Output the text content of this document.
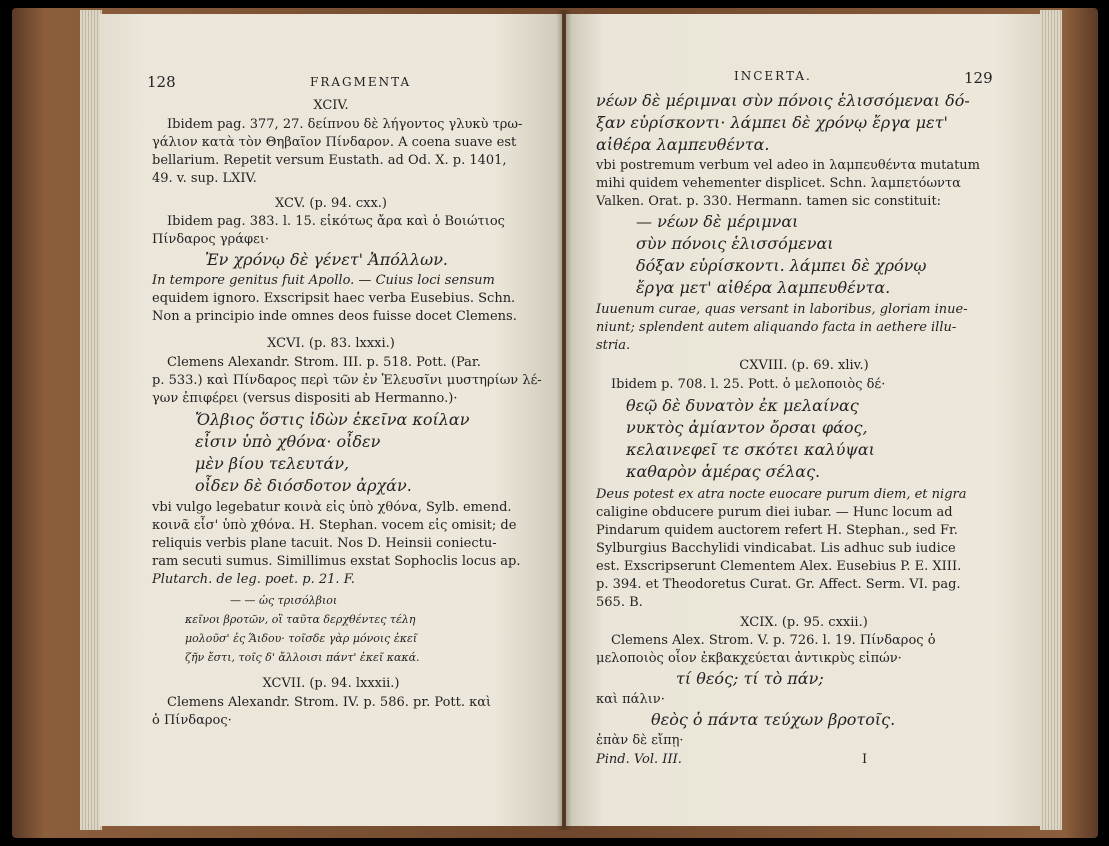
128	FRAGMENTA
XCIV.
Ibidem pag. 377, 27. δείπνου δὲ λήγοντος γλυκὺ τρω-
γάλιον κατὰ τὸν Θηβαῖον Πίνδαρον. A coena suave est
bellarium. Repetit versum Eustath. ad Od. X. p. 1401,
49. v. sup. LXIV.
XCV. (p. 94. cxx.)
Ibidem pag. 383. l. 15. εἰκότως ἄρα καὶ ὁ Βοιώτιος
Πίνδαρος γράφει·
Ἐν χρόνῳ δὲ γένετ' Ἀπόλλων.
In tempore genitus fuit Apollo. — Cuius loci sensum
equidem ignoro. Exscripsit haec verba Eusebius. Schn.
Non a principio inde omnes deos fuisse docet Clemens.
XCVI. (p. 83. lxxxi.)
Clemens Alexandr. Strom. III. p. 518. Pott. (Par.
p. 533.) καὶ Πίνδαρος περὶ τῶν ἐν Ἐλευσῖνι μυστηρίων λέ-
γων ἐπιφέρει (versus dispositi ab Hermanno.)·
Ὄλβιος ὅστις ἰδὼν ἐκεῖνα κοίλαν
εἶσιν ὑπὸ χθόνα· οἶδεν
μὲν βίου τελευτάν,
οἶδεν δὲ διόσδοτον ἀρχάν.
vbi vulgo legebatur κοινὰ εἰς ὑπὸ χθόνα, Sylb. emend.
κοινᾶ εἶσ' ὑπὸ χθόνα. H. Stephan. vocem εἰς omisit; de
reliquis verbis plane tacuit. Nos D. Heinsii coniectu-
ram secuti sumus. Simillimus exstat Sophoclis locus ap.
Plutarch. de leg. poet. p. 21. F.
— — ὡς τρισόλβιοι
κεῖνοι βροτῶν, οἳ ταῦτα δερχθέντες τέλη
μολοῦσ' ἐς Ἅιδου· τοῖσδε γὰρ μόνοις ἐκεῖ
ζῆν ἔστι, τοῖς δ' ἄλλοισι πάντ' ἐκεῖ κακά.
XCVII. (p. 94. lxxxii.)
Clemens Alexandr. Strom. IV. p. 586. pr. Pott. καὶ
ὁ Πίνδαρος·
INCERTA.	129
νέων δὲ μέριμναι σὺν πόνοις ἑλισσόμεναι δό-
ξαν εὑρίσκοντι· λάμπει δὲ χρόνῳ ἔργα μετ'
αἰθέρα λαμπευθέντα.
vbi postremum verbum vel adeo in λαμπευθέντα mutatum
mihi quidem vehementer displicet. Schn. λαμπετόωντα
Valken. Orat. p. 330. Hermann. tamen sic constituit:
— νέων δὲ μέριμναι
σὺν πόνοις ἑλισσόμεναι
δόξαν εὑρίσκοντι. λάμπει δὲ χρόνῳ
ἔργα μετ' αἰθέρα λαμπευθέντα.
Iuuenum curae, quas versant in laboribus, gloriam inue-
niunt; splendent autem aliquando facta in aethere illu-
stria.
CXVIII. (p. 69. xliv.)
Ibidem p. 708. l. 25. Pott. ὁ μελοποιὸς δέ·
θεῷ δὲ δυνατὸν ἐκ μελαίνας
νυκτὸς ἀμίαντον ὄρσαι φάος,
κελαινεφεῖ τε σκότει καλύψαι
καθαρὸν ἁμέρας σέλας.
Deus potest ex atra nocte euocare purum diem, et nigra
caligine obducere purum diei iubar. — Hunc locum ad
Pindarum quidem auctorem refert H. Stephan., sed Fr.
Sylburgius Bacchylidi vindicabat. Lis adhuc sub iudice
est. Exscripserunt Clementem Alex. Eusebius P. E. XIII.
p. 394. et Theodoretus Curat. Gr. Affect. Serm. VI. pag.
565. B.
XCIX. (p. 95. cxxii.)
Clemens Alex. Strom. V. p. 726. l. 19. Πίνδαρος ὁ
μελοποιὸς οἷον ἐκβακχεύεται ἀντικρὺς εἰπών·
τί θεός; τί τὸ πάν;
καὶ πάλιν·
θεὸς ὁ πάντα τεύχων βροτοῖς.
ἐπὰν δὲ εἴπῃ·
Pind. Vol. III.	I
